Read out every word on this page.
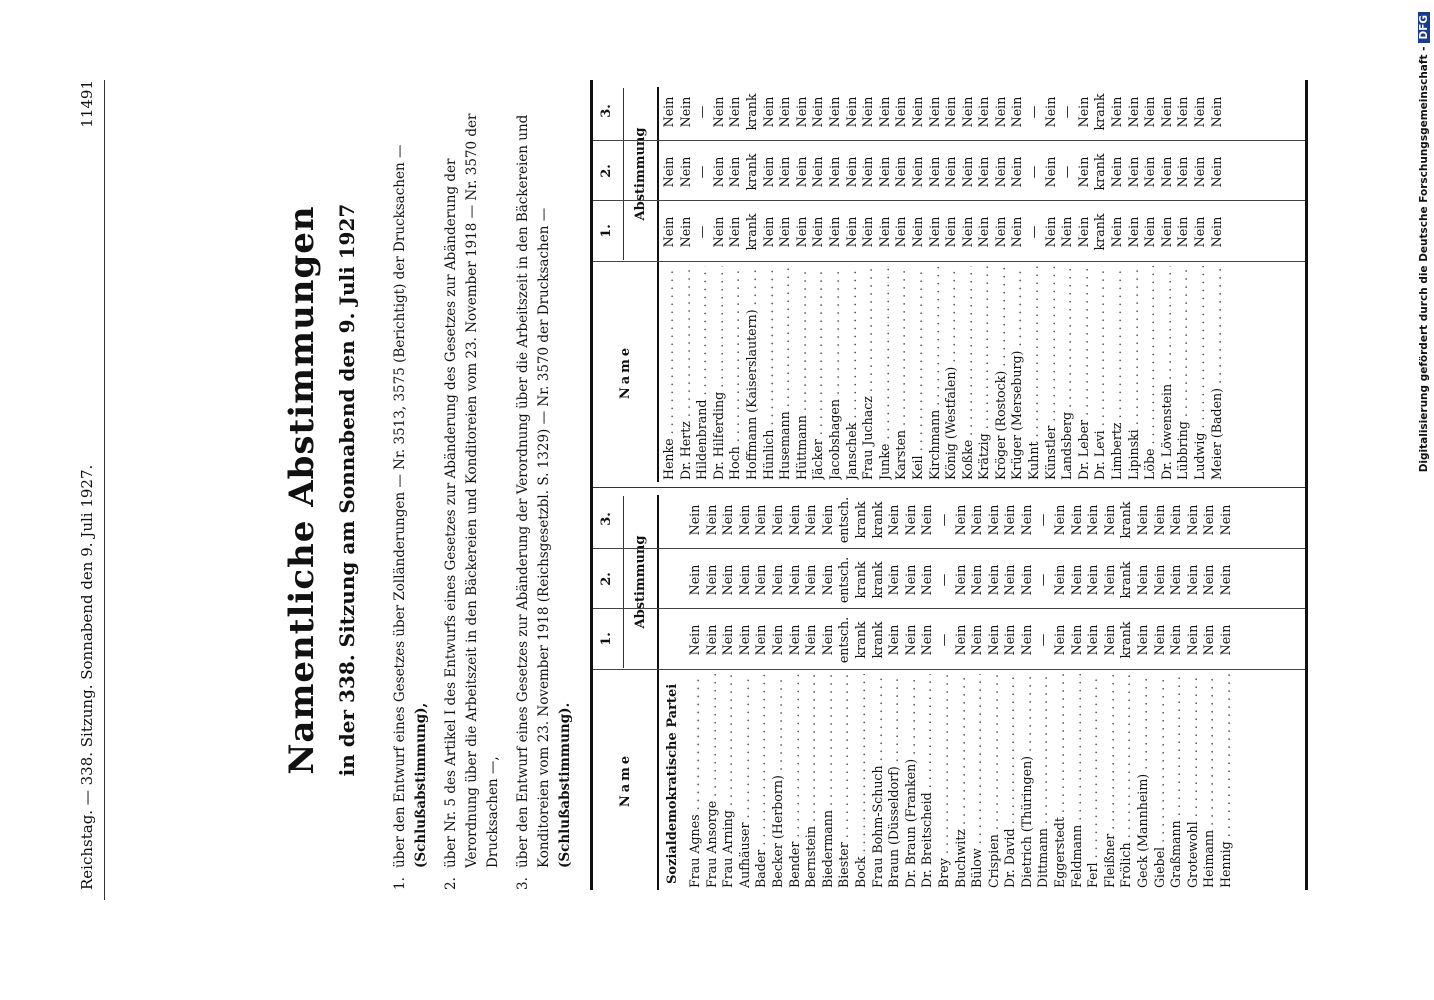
Reichstag. — 338. Sitzung. Sonnabend den 9. Juli 1927.
11491
Namentliche Abstimmungen in der 338. Sitzung am Sonnabend den 9. Juli 1927
1.
über den Entwurf eines Gesetzes über Zolländerungen — Nr. 3513, 3575 (Berichtigt) der Drucksachen — (Schlußabstimmung),
2.
über Nr. 5 des Artikel I des Entwurfs eines Gesetzes zur Abänderung des Gesetzes zur Abänderung der Verordnung über die Arbeitszeit in den Bäckereien und Konditoreien vom 23. November 1918 — Nr. 3570 der Drucksachen —,
3.
über den Entwurf eines Gesetzes zur Abänderung der Verordnung über die Arbeitszeit in den Bäckereien und Konditoreien vom 23. November 1918 (Reichsgesetzbl. S. 1329) — Nr. 3570 der Drucksachen — (Schlußabstimmung).	Name
1.
2.
3.
Abstimmung
Sozialdemokratische Partei Frau Agnes . . .
Nein
Nein
Nein
Frau Ansorge . . .
Nein
Nein
Nein
Frau Arning . . .
Nein
Nein
Nein
Aufhäuser . . .
Nein
Nein
Nein
Bader . . .
Nein
Nein
Nein
Becker (Herborn) . . .
Nein
Nein
Nein
Bender . . .
Nein
Nein
Nein
Bernstein . . .
Nein
Nein
Nein
Biedermann . . .
Nein
Nein
Nein
Biester . . .
entsch.
entsch.
entsch.
Bock . . .
krank
krank
krank
Frau Bohm-Schuch . . .
krank
krank
krank
Braun (Düsseldorf) . . .
Nein
Nein
Nein
Dr. Braun (Franken) . . .
Nein
Nein
Nein
Dr. Breitscheid . . .
Nein
Nein
Nein
Brey . . .
—
—
—
Buchwitz . . .
Nein
Nein
Nein
Bülow . . .
Nein
Nein
Nein
Crispien . . .
Nein
Nein
Nein
Dr. David . . .
Nein
Nein
Nein
Dietrich (Thüringen) . . .
Nein
Nein
Nein
Dittmann . . .
—
—
—
Eggerstedt . . .
Nein
Nein
Nein
Feldmann . . .
Nein
Nein
Nein
Ferl . . .
Nein
Nein
Nein
Fleißner . . .
Nein
Nein
Nein
Frölich . . .
krank
krank
krank
Geck (Mannheim) . . .
Nein
Nein
Nein
Giebel . . .
Nein
Nein
Nein
Graßmann . . .
Nein
Nein
Nein
Grotewohl . . .
Nein
Nein
Nein
Heimann . . .
Nein
Nein
Nein
Hennig . . .
Nein
Nein
Nein
Name
1.
2.
3.
Abstimmung
Henke . . .
Nein
Nein
Nein
Dr. Hertz . . .
Nein
Nein
Nein
Hildenbrand . . .
—
—
—
Dr. Hilferding . . .
Nein
Nein
Nein
Hoch . . .
Nein
Nein
Nein
Hoffmann (Kaiserslautern) . . .
krank
krank
krank
Hünlich . . .
Nein
Nein
Nein
Husemann . . .
Nein
Nein
Nein
Hüttmann . . .
Nein
Nein
Nein
Jäcker . . .
Nein
Nein
Nein
Jacobshagen . . .
Nein
Nein
Nein
Janschek . . .
Nein
Nein
Nein
Frau Juchacz . . .
Nein
Nein
Nein
Junke . . .
Nein
Nein
Nein
Karsten . . .
Nein
Nein
Nein
Keil . . .
Nein
Nein
Nein
Kirchmann . . .
Nein
Nein
Nein
König (Westfalen) . . .
Nein
Nein
Nein
Koßke . . .
Nein
Nein
Nein
Krätzig . . .
Nein
Nein
Nein
Kröger (Rostock) . . .
Nein
Nein
Nein
Krüger (Merseburg) . . .
Nein
Nein
Nein
Kuhnt . . .
—
—
—
Künstler . . .
Nein
Nein
Nein
Landsberg . . .
Nein
—
—
Dr. Leber . . .
Nein
Nein
Nein
Dr. Levi . . .
krank
krank
krank
Limbertz . . .
Nein
Nein
Nein
Lipinski . . .
Nein
Nein
Nein
Löbe . . .
Nein
Nein
Nein
Dr. Löwenstein . . .
Nein
Nein
Nein
Lübbring . . .
Nein
Nein
Nein
Ludwig . . .
Nein
Nein
Nein
Meier (Baden) . . .
Nein
Nein
Nein	Digitalisierung gefördert durch die Deutsche Forschungsgemeinschaft -DFG
